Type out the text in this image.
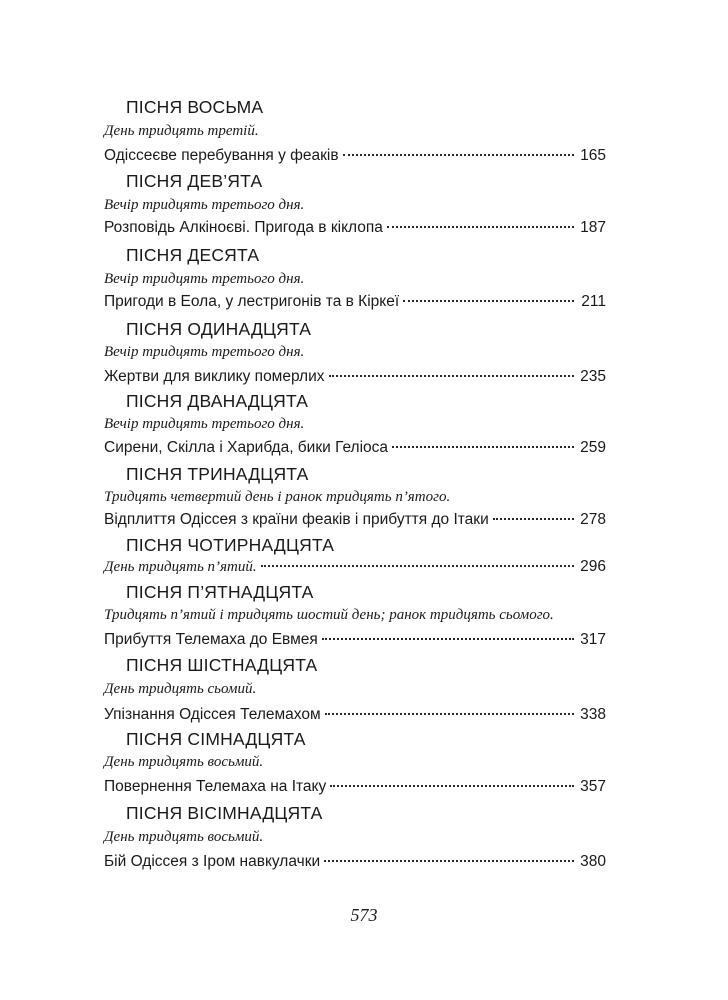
ПІСНЯ ВОСЬМА
День тридцять третій.
Одіссеєве перебування у феаків	165
ПІСНЯ ДЕВ’ЯТА
Вечір тридцять третього дня.
Розповідь Алкіноєві. Пригода в кіклопа	187
ПІСНЯ ДЕСЯТА
Вечір тридцять третього дня.
Пригоди в Еола, у лестригонів та в Кіркеї	211
ПІСНЯ ОДИНАДЦЯТА
Вечір тридцять третього дня.
Жертви для виклику померлих	235
ПІСНЯ ДВАНАДЦЯТА
Вечір тридцять третього дня.
Сирени, Скілла і Харибда, бики Геліоса	259
ПІСНЯ ТРИНАДЦЯТА
Тридцять четвертий день і ранок тридцять п’ятого.
Відплиття Одіссея з країни феаків і прибуття до Ітаки	278
ПІСНЯ ЧОТИРНАДЦЯТА
День тридцять п’ятий.	296
ПІСНЯ П’ЯТНАДЦЯТА
Тридцять п’ятий і тридцять шостий день; ранок тридцять сьомого.
Прибуття Телемаха до Евмея	317
ПІСНЯ ШІСТНАДЦЯТА
День тридцять сьомий.
Упізнання Одіссея Телемахом	338
ПІСНЯ СІМНАДЦЯТА
День тридцять восьмий.
Повернення Телемаха на Ітаку	357
ПІСНЯ ВІСІМНАДЦЯТА
День тридцять восьмий.
Бій Одіссея з Іром навкулачки	380
573
